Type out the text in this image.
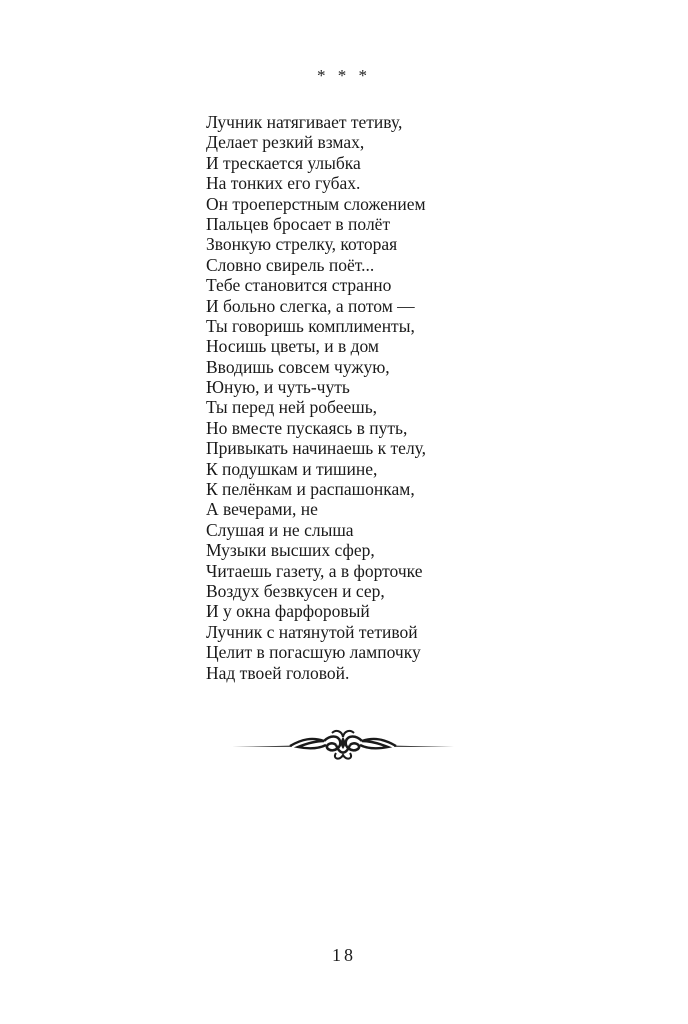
* * *
Лучник натягивает тетиву,
Делает резкий взмах,
И трескается улыбка
На тонких его губах.
Он троеперстным сложением
Пальцев бросает в полёт
Звонкую стрелку, которая
Словно свирель поёт...
Тебе становится странно
И больно слегка, а потом —
Ты говоришь комплименты,
Носишь цветы, и в дом
Вводишь совсем чужую,
Юную, и чуть-чуть
Ты перед ней робеешь,
Но вместе пускаясь в путь,
Привыкать начинаешь к телу,
К подушкам и тишине,
К пелёнкам и распашонкам,
А вечерами, не
Слушая и не слыша
Музыки высших сфер,
Читаешь газету, а в форточке
Воздух безвкусен и сер,
И у окна фарфоровый
Лучник с натянутой тетивой
Целит в погасшую лампочку
Над твоей головой.
18
